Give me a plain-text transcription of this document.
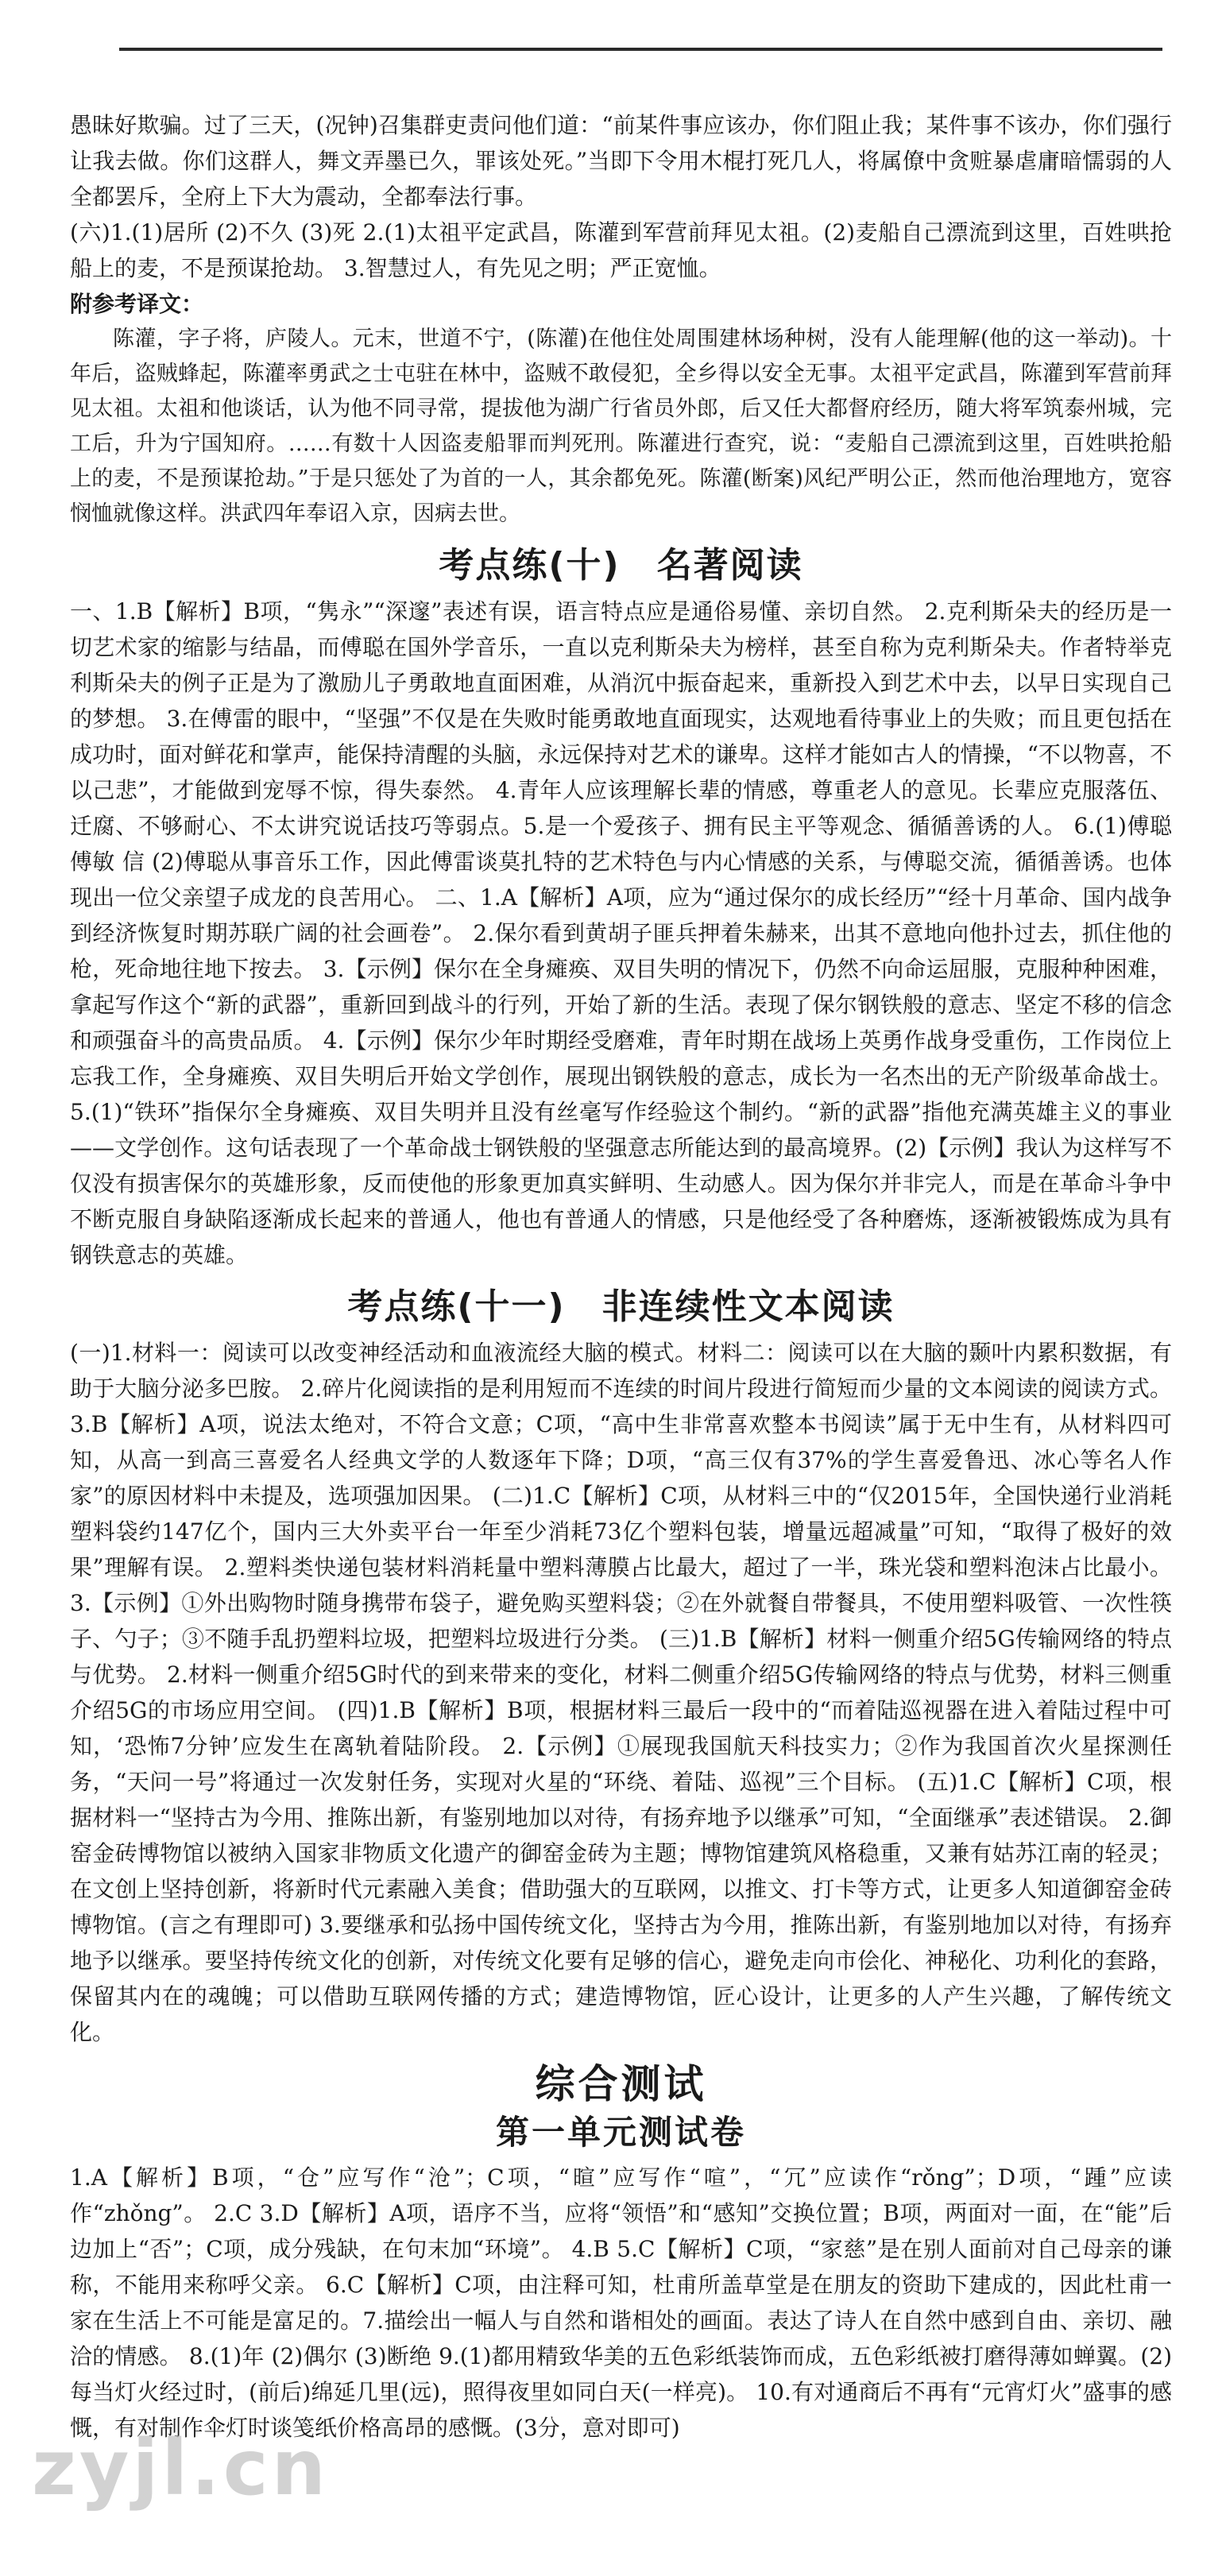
愚昧好欺骗。过了三天，(况钟)召集群吏责问他们道：“前某件事应该办，你们阻止我；某件事不该办，你们强行让我去做。你们这群人，舞文弄墨已久，罪该处死。”当即下令用木棍打死几人，将属僚中贪赃暴虐庸暗懦弱的人全都罢斥，全府上下大为震动，全都奉法行事。

(六)1.(1)居所 (2)不久 (3)死 2.(1)太祖平定武昌，陈灌到军营前拜见太祖。(2)麦船自己漂流到这里，百姓哄抢船上的麦，不是预谋抢劫。 3.智慧过人，有先见之明；严正宽恤。

附参考译文：

陈灌，字子将，庐陵人。元末，世道不宁，(陈灌)在他住处周围建林场种树，没有人能理解(他的这一举动)。十年后，盗贼蜂起，陈灌率勇武之士屯驻在林中，盗贼不敢侵犯，全乡得以安全无事。太祖平定武昌，陈灌到军营前拜见太祖。太祖和他谈话，认为他不同寻常，提拔他为湖广行省员外郎，后又任大都督府经历，随大将军筑泰州城，完工后，升为宁国知府。……有数十人因盗麦船罪而判死刑。陈灌进行查究，说：“麦船自己漂流到这里，百姓哄抢船上的麦，不是预谋抢劫。”于是只惩处了为首的一人，其余都免死。陈灌(断案)风纪严明公正，然而他治理地方，宽容悯恤就像这样。洪武四年奉诏入京，因病去世。

考点练(十)　名著阅读

一、1.B【解析】B项，“隽永”“深邃”表述有误，语言特点应是通俗易懂、亲切自然。 2.克利斯朵夫的经历是一切艺术家的缩影与结晶，而傅聪在国外学音乐，一直以克利斯朵夫为榜样，甚至自称为克利斯朵夫。作者特举克利斯朵夫的例子正是为了激励儿子勇敢地直面困难，从消沉中振奋起来，重新投入到艺术中去，以早日实现自己的梦想。 3.在傅雷的眼中，“坚强”不仅是在失败时能勇敢地直面现实，达观地看待事业上的失败；而且更包括在成功时，面对鲜花和掌声，能保持清醒的头脑，永远保持对艺术的谦卑。这样才能如古人的情操，“不以物喜，不以己悲”，才能做到宠辱不惊，得失泰然。 4.青年人应该理解长辈的情感，尊重老人的意见。长辈应克服落伍、迁腐、不够耐心、不太讲究说话技巧等弱点。5.是一个爱孩子、拥有民主平等观念、循循善诱的人。 6.(1)傅聪 傅敏 信 (2)傅聪从事音乐工作，因此傅雷谈莫扎特的艺术特色与内心情感的关系，与傅聪交流，循循善诱。也体现出一位父亲望子成龙的良苦用心。 二、1.A【解析】A项，应为“通过保尔的成长经历”“经十月革命、国内战争到经济恢复时期苏联广阔的社会画卷”。 2.保尔看到黄胡子匪兵押着朱赫来，出其不意地向他扑过去，抓住他的枪，死命地往地下按去。 3.【示例】保尔在全身瘫痪、双目失明的情况下，仍然不向命运屈服，克服种种困难，拿起写作这个“新的武器”，重新回到战斗的行列，开始了新的生活。表现了保尔钢铁般的意志、坚定不移的信念和顽强奋斗的高贵品质。 4.【示例】保尔少年时期经受磨难，青年时期在战场上英勇作战身受重伤，工作岗位上忘我工作，全身瘫痪、双目失明后开始文学创作，展现出钢铁般的意志，成长为一名杰出的无产阶级革命战士。 5.(1)“铁环”指保尔全身瘫痪、双目失明并且没有丝毫写作经验这个制约。“新的武器”指他充满英雄主义的事业——文学创作。这句话表现了一个革命战士钢铁般的坚强意志所能达到的最高境界。(2)【示例】我认为这样写不仅没有损害保尔的英雄形象，反而使他的形象更加真实鲜明、生动感人。因为保尔并非完人，而是在革命斗争中不断克服自身缺陷逐渐成长起来的普通人，他也有普通人的情感，只是他经受了各种磨炼，逐渐被锻炼成为具有钢铁意志的英雄。

考点练(十一)　非连续性文本阅读

(一)1.材料一：阅读可以改变神经活动和血液流经大脑的模式。材料二：阅读可以在大脑的颞叶内累积数据，有助于大脑分泌多巴胺。 2.碎片化阅读指的是利用短而不连续的时间片段进行简短而少量的文本阅读的阅读方式。 3.B【解析】A项，说法太绝对，不符合文意；C项，“高中生非常喜欢整本书阅读”属于无中生有，从材料四可知，从高一到高三喜爱名人经典文学的人数逐年下降；D项，“高三仅有37%的学生喜爱鲁迅、冰心等名人作家”的原因材料中未提及，选项强加因果。 (二)1.C【解析】C项，从材料三中的“仅2015年，全国快递行业消耗塑料袋约147亿个，国内三大外卖平台一年至少消耗73亿个塑料包装，增量远超减量”可知，“取得了极好的效果”理解有误。 2.塑料类快递包装材料消耗量中塑料薄膜占比最大，超过了一半，珠光袋和塑料泡沫占比最小。 3.【示例】①外出购物时随身携带布袋子，避免购买塑料袋；②在外就餐自带餐具，不使用塑料吸管、一次性筷子、勺子；③不随手乱扔塑料垃圾，把塑料垃圾进行分类。 (三)1.B【解析】材料一侧重介绍5G传输网络的特点与优势。 2.材料一侧重介绍5G时代的到来带来的变化，材料二侧重介绍5G传输网络的特点与优势，材料三侧重介绍5G的市场应用空间。 (四)1.B【解析】B项，根据材料三最后一段中的“而着陆巡视器在进入着陆过程中可知，‘恐怖7分钟’应发生在离轨着陆阶段。 2.【示例】①展现我国航天科技实力；②作为我国首次火星探测任务，“天问一号”将通过一次发射任务，实现对火星的“环绕、着陆、巡视”三个目标。 (五)1.C【解析】C项，根据材料一“坚持古为今用、推陈出新，有鉴别地加以对待，有扬弃地予以继承”可知，“全面继承”表述错误。 2.御窑金砖博物馆以被纳入国家非物质文化遗产的御窑金砖为主题；博物馆建筑风格稳重，又兼有姑苏江南的轻灵；在文创上坚持创新，将新时代元素融入美食；借助强大的互联网，以推文、打卡等方式，让更多人知道御窑金砖博物馆。(言之有理即可) 3.要继承和弘扬中国传统文化，坚持古为今用，推陈出新，有鉴别地加以对待，有扬弃地予以继承。要坚持传统文化的创新，对传统文化要有足够的信心，避免走向市侩化、神秘化、功利化的套路，保留其内在的魂魄；可以借助互联网传播的方式；建造博物馆，匠心设计，让更多的人产生兴趣，了解传统文化。

综合测试
第一单元测试卷

1.A【解析】B项，“仓”应写作“沧”；C项，“暄”应写作“喧”，“冗”应读作“rǒng”；D项，“踵”应读作“zhǒng”。 2.C 3.D【解析】A项，语序不当，应将“领悟”和“感知”交换位置；B项，两面对一面，在“能”后边加上“否”；C项，成分残缺，在句末加“环境”。 4.B 5.C【解析】C项，“家慈”是在别人面前对自己母亲的谦称，不能用来称呼父亲。 6.C【解析】C项，由注释可知，杜甫所盖草堂是在朋友的资助下建成的，因此杜甫一家在生活上不可能是富足的。7.描绘出一幅人与自然和谐相处的画面。表达了诗人在自然中感到自由、亲切、融洽的情感。 8.(1)年 (2)偶尔 (3)断绝 9.(1)都用精致华美的五色彩纸装饰而成，五色彩纸被打磨得薄如蝉翼。(2)每当灯火经过时，(前后)绵延几里(远)，照得夜里如同白天(一样亮)。 10.有对通商后不再有“元宵灯火”盛事的感慨，有对制作伞灯时谈笺纸价格高昂的感慨。(3分，意对即可)

zyjl.cn
